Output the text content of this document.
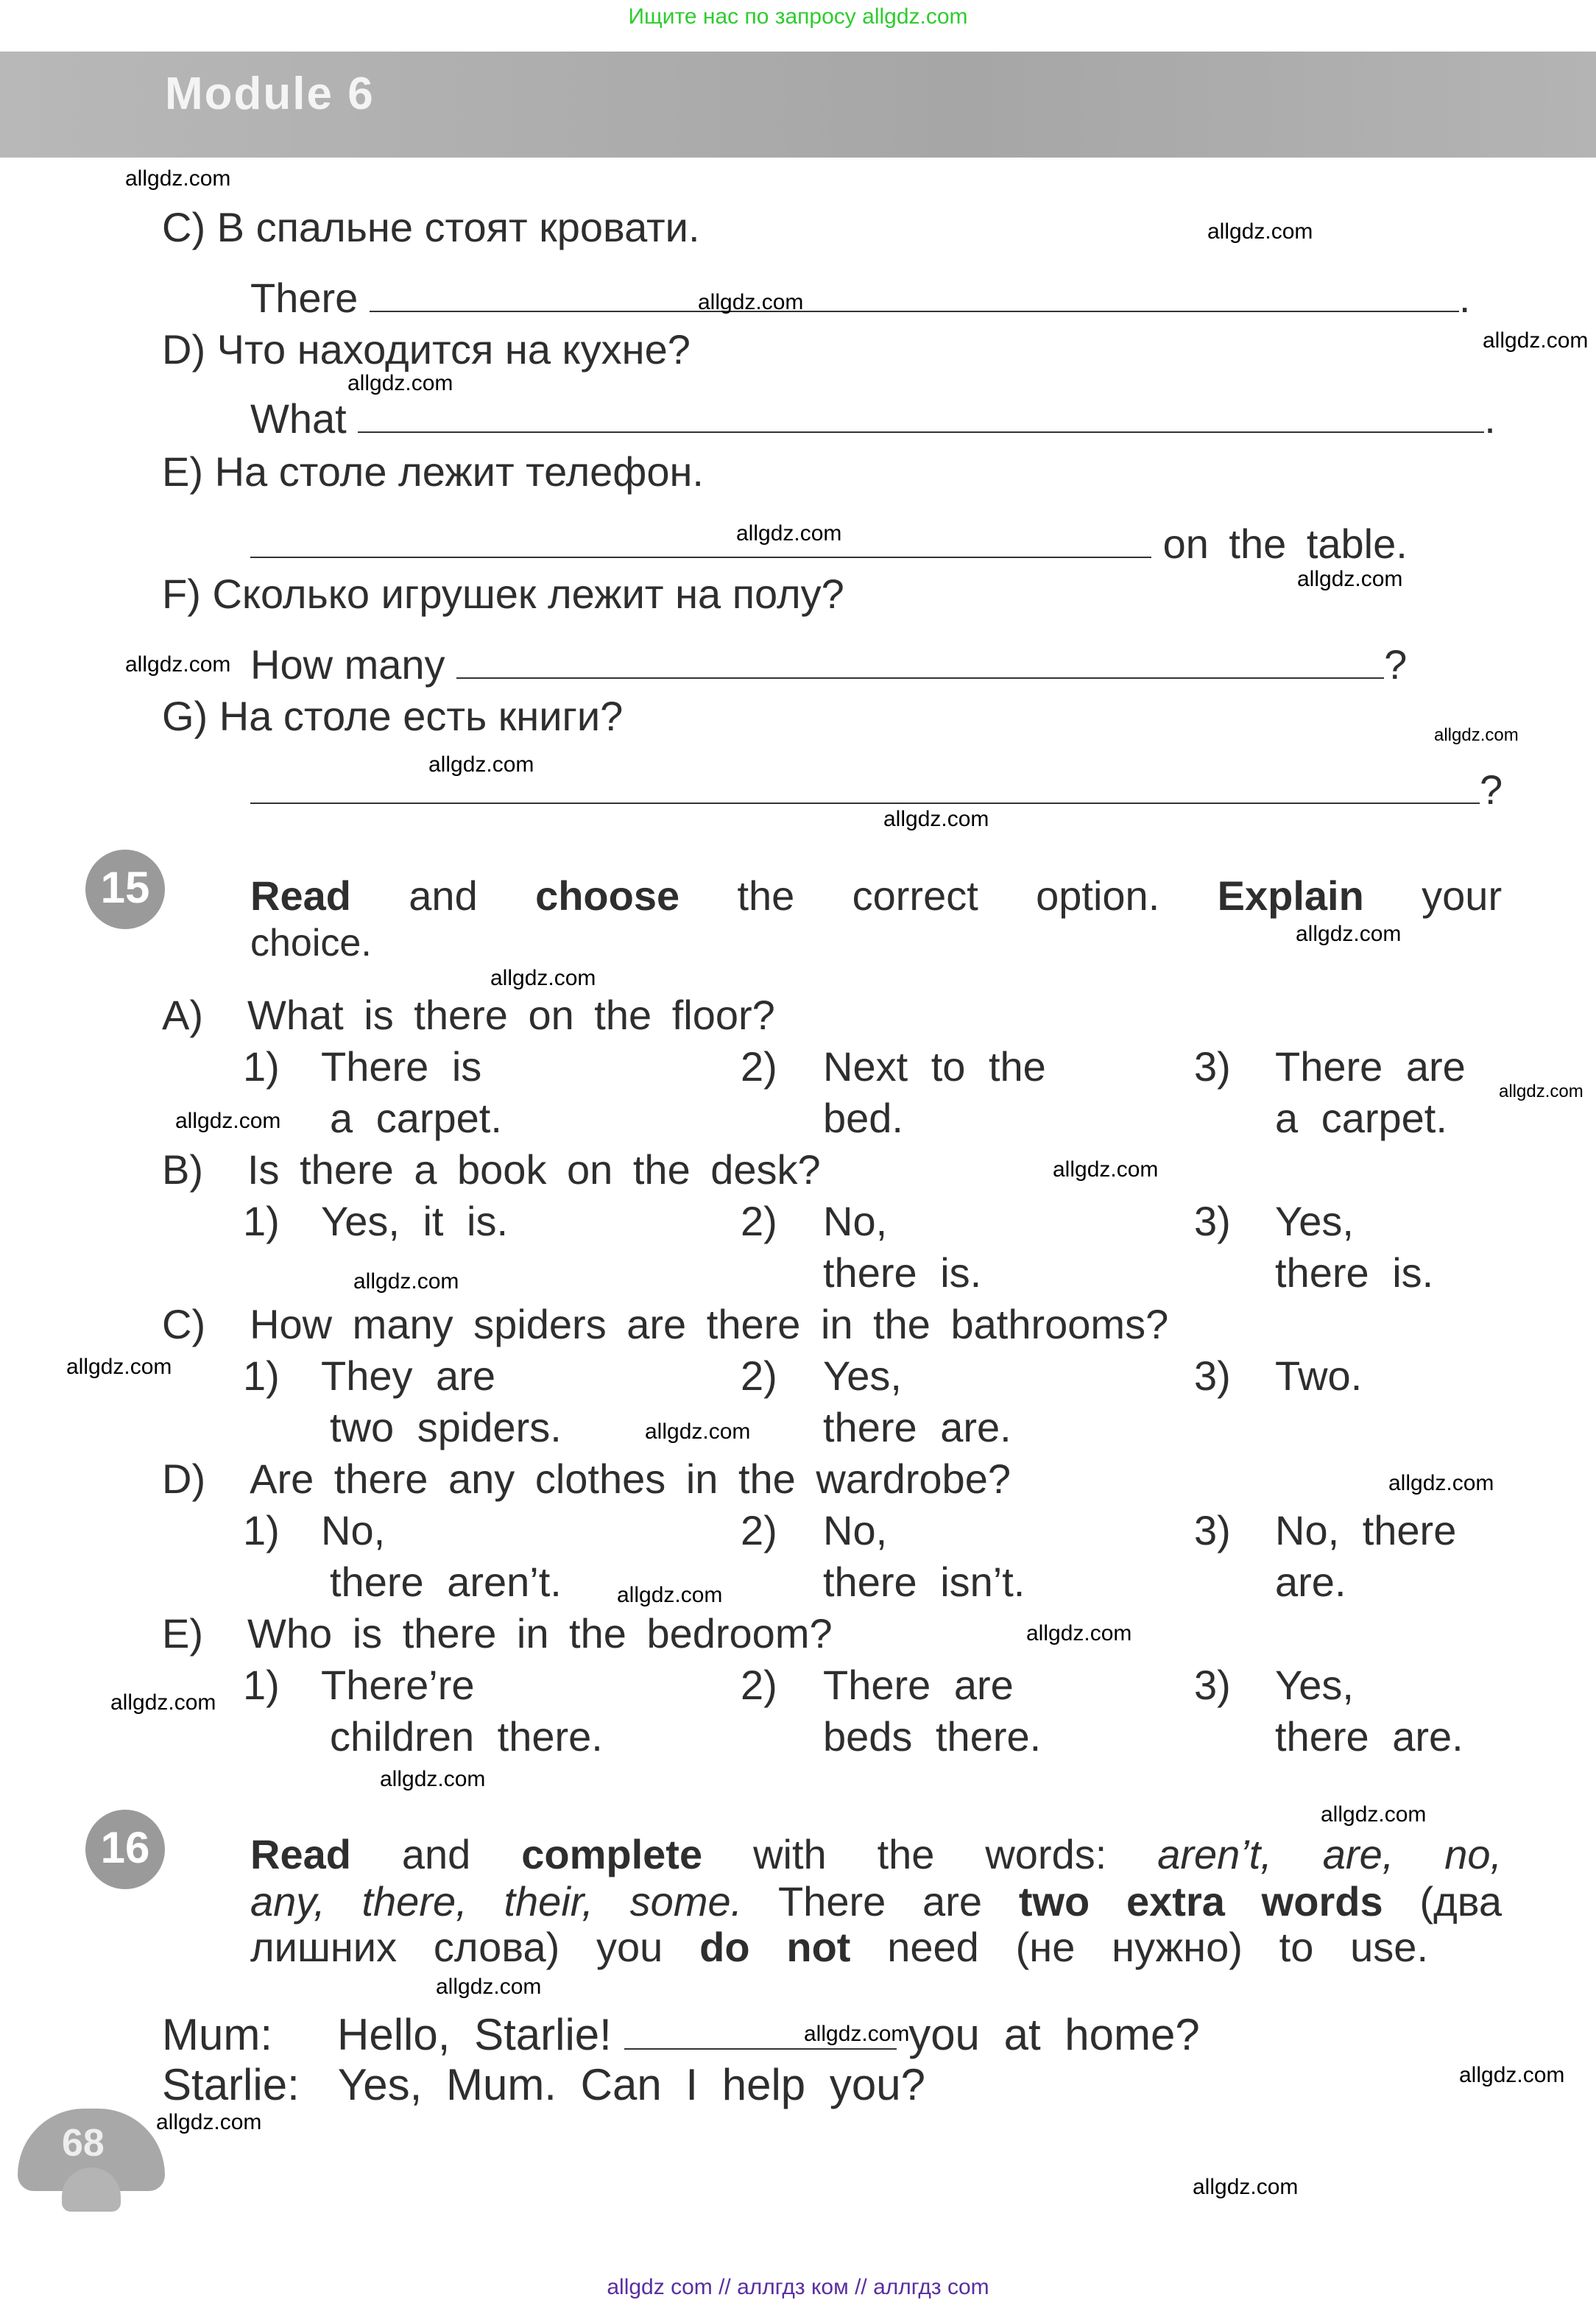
Ищите нас по запросу allgdz.com
Module 6
C) В спальне стоят кровати.
There	.
D) Что находится на кухне?
What	.
E) На столе лежит телефон.
on the table.
F) Сколько игрушек лежит на полу?
How many	?
G) На столе есть книги?
?
15	Read	and	choose	the correct option.	Explain	your
choice.
A) What is there on the floor?
1) There is
a carpet.
2) Next to the
bed.
3) There are
a carpet.
B) Is there a book on the desk?
1) Yes, it is.	2) No,
there is.
3) Yes,
there is.
C) How many spiders are there in the bathrooms?
1) They are
two spiders.
2) Yes,
there are.
3) Two.
D) Are there any clothes in the wardrobe?
1) No,
there aren’t.
2) No,
there isn’t.
3) No, there
are.
E) Who is there in the bedroom?
1) There’re
children there.
2) There are
beds there.
3) Yes,
there are.
16	Read and complete with the words: aren’t, are, no,
any, there, their, some. There are two extra words (два
лишних слова) you do not need (не нужно) to use.
Mum:	Hello, Starlie!	you at home?
Starlie: Yes, Mum. Can I help you?
68
allgdz.com
allgdz.com
allgdz.com
allgdz.com
allgdz.com
allgdz.com
allgdz.com
allgdz.com
allgdz.com
allgdz.com
allgdz.com
allgdz.com
allgdz.com
allgdz.com
allgdz.com
allgdz.com
allgdz.com
allgdz.com
allgdz.com
allgdz.com
allgdz.com
allgdz.com
allgdz.com
allgdz.com
allgdz.com
allgdz.com
allgdz.com
allgdz.com
allgdz.com
allgdz.com
allgdz com // аллгдз ком // аллгдз com
